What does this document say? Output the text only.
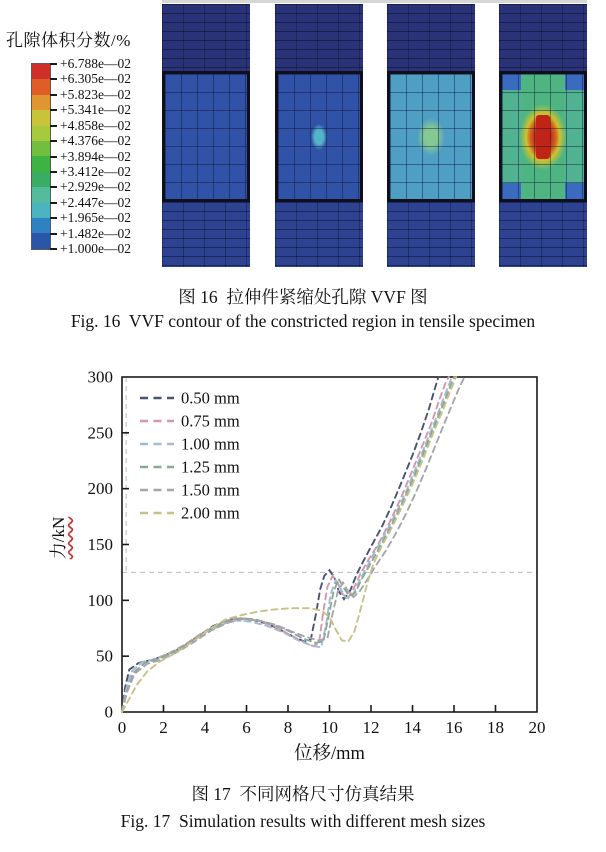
孔隙体积分数/%
+6.788e—02
+6.305e—02
+5.823e—02
+5.341e—02
+4.858e—02
+4.376e—02
+3.894e—02
+3.412e—02
+2.929e—02
+2.447e—02
+1.965e—02
+1.482e—02
+1.000e—02
图 16  拉伸件紧缩处孔隙 VVF 图
Fig. 16  VVF contour of the constricted region in tensile specimen
0 2 4 6 8 10 12 14 16 18 20
0
50
100
150
200
250
300
位移/mm
0.50 mm
0.75 mm
1.00 mm
1.25 mm
1.50 mm
2.00 mm
力/kN
图 17  不同网格尺寸仿真结果
Fig. 17  Simulation results with different mesh sizes
